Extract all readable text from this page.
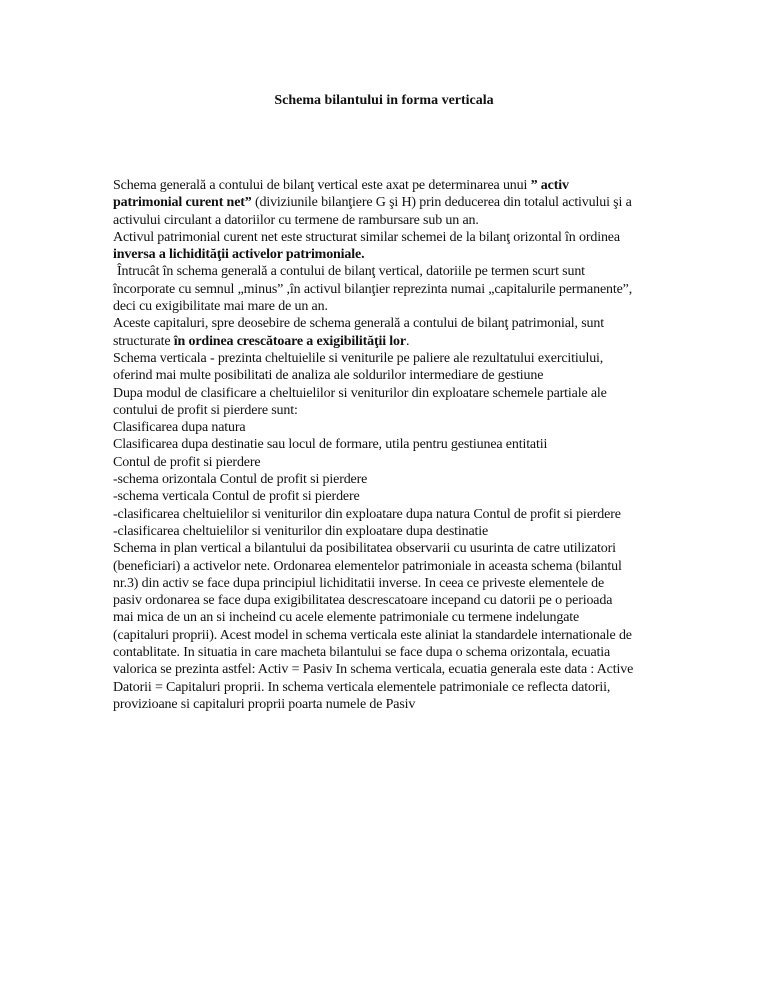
Schema bilantului in forma verticala

Schema generală a contului de bilanţ vertical este axat pe determinarea unui ” activ patrimonial curent net” (diviziunile bilanţiere G şi H) prin deducerea din totalul activului şi a activului circulant a datoriilor cu termene de rambursare sub un an.

Activul patrimonial curent net este structurat similar schemei de la bilanţ orizontal în ordinea inversa a lichidităţii activelor patrimoniale.

Întrucât în schema generală a contului de bilanţ vertical, datoriile pe termen scurt sunt încorporate cu semnul „minus” ,în activul bilanţier reprezinta numai „capitalurile permanente”, deci cu exigibilitate mai mare de un an.

Aceste capitaluri, spre deosebire de schema generală a contului de bilanţ patrimonial, sunt structurate în ordinea crescătoare a exigibilităţii lor.

Schema verticala - prezinta cheltuielile si veniturile pe paliere ale rezultatului exercitiului, oferind mai multe posibilitati de analiza ale soldurilor intermediare de gestiune

Dupa modul de clasificare a cheltuielilor si veniturilor din exploatare schemele partiale ale contului de profit si pierdere sunt:

Clasificarea dupa natura

Clasificarea dupa destinatie sau locul de formare, utila pentru gestiunea entitatii

Contul de profit si pierdere

-schema orizontala Contul de profit si pierdere

-schema verticala Contul de profit si pierdere

-clasificarea cheltuielilor si veniturilor din exploatare dupa natura Contul de profit si pierdere

-clasificarea cheltuielilor si veniturilor din exploatare dupa destinatie

Schema in plan vertical a bilantului da posibilitatea observarii cu usurinta de catre utilizatori (beneficiari) a activelor nete. Ordonarea elementelor patrimoniale in aceasta schema (bilantul nr.3) din activ se face dupa principiul lichiditatii inverse. In ceea ce priveste elementele de pasiv ordonarea se face dupa exigibilitatea descrescatoare incepand cu datorii pe o perioada mai mica de un an si incheind cu acele elemente patrimoniale cu termene indelungate (capitaluri proprii). Acest model in schema verticala este aliniat la standardele internationale de contablitate. In situatia in care macheta bilantului se face dupa o schema orizontala, ecuatia valorica se prezinta astfel: Activ = Pasiv In schema verticala, ecuatia generala este data : Active Datorii = Capitaluri proprii. In schema verticala elementele patrimoniale ce reflecta datorii, provizioane si capitaluri proprii poarta numele de Pasiv
